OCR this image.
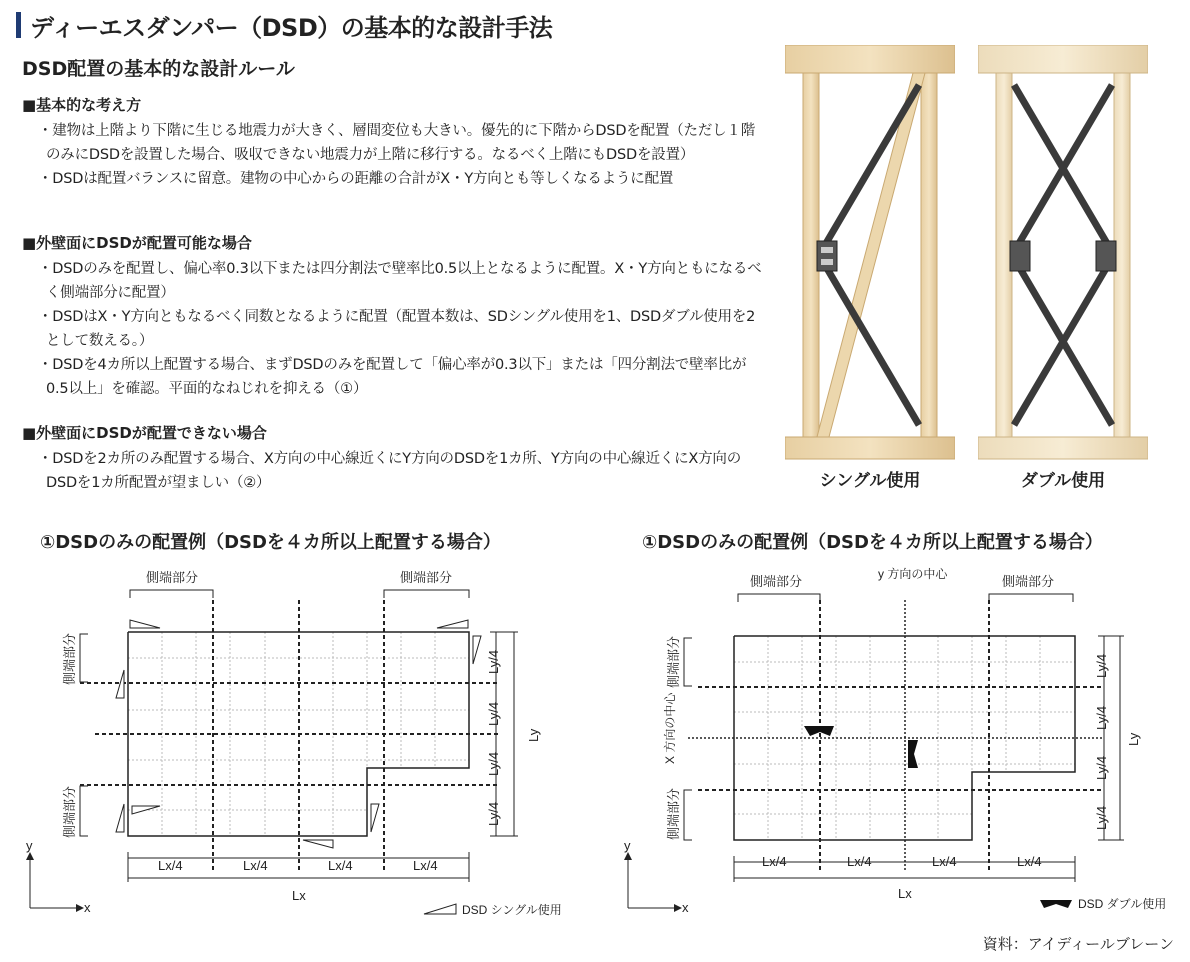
ディーエスダンパー（DSD）の基本的な設計手法
DSD配置の基本的な設計ルール
■基本的な考え方
・建物は上階より下階に生じる地震力が大きく、層間変位も大きい。優先的に下階からDSDを配置（ただし１階のみにDSDを設置した場合、吸収できない地震力が上階に移行する。なるべく上階にもDSDを設置）
・DSDは配置バランスに留意。建物の中心からの距離の合計がX・Y方向とも等しくなるように配置
■外壁面にDSDが配置可能な場合
・DSDのみを配置し、偏心率0.3以下または四分割法で壁率比0.5以上となるように配置。X・Y方向ともになるべく側端部分に配置）
・DSDはX・Y方向ともなるべく同数となるように配置（配置本数は、SDシングル使用を1、DSDダブル使用を2として数える。）
・DSDを4カ所以上配置する場合、まずDSDのみを配置して「偏心率が0.3以下」または「四分割法で壁率比が0.5以上」を確認。平面的なねじれを抑える（①）
■外壁面にDSDが配置できない場合
・DSDを2カ所のみ配置する場合、X方向の中心線近くにY方向のDSDを1カ所、Y方向の中心線近くにX方向のDSDを1カ所配置が望ましい（②）	シングル使用	ダブル使用
①DSDのみの配置例（DSDを４カ所以上配置する場合）	①DSDのみの配置例（DSDを４カ所以上配置する場合）
側端部分	側端部分
側端部分
側端部分
Lx/4	Lx/4	Lx/4	Lx/4
Lx
Ly/4
Ly/4
Ly/4
Ly/4
Ly
y
x	DSD シングル使用
側端部分	側端部分
側端部分
側端部分
y 方向の中心
X 方向の中心
Lx/4	Lx/4	Lx/4	Lx/4
Lx
Ly/4
Ly/4
Ly/4
Ly/4
Ly
y
x	DSD ダブル使用
資料：アイディールブレーン
